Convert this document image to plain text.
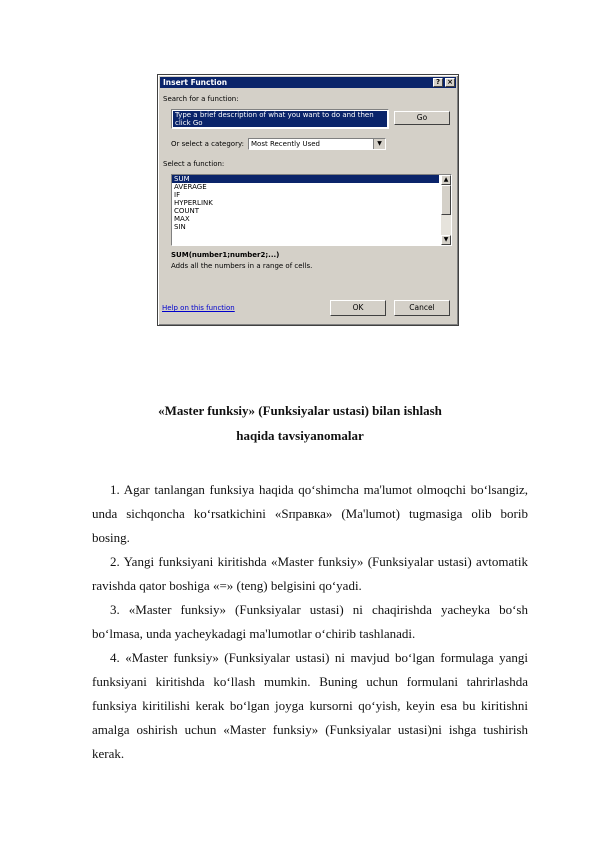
Insert Function	?	×
Search for a function:
Type a brief description of what you want to do and then click Go
Go
Or select a category:	Most Recently Used	▼
Select a function:
SUM
AVERAGE
IF
HYPERLINK
COUNT
MAX
SIN
▲
▼
SUM(number1;number2;...)
Adds all the numbers in a range of cells.
Help on this function	OK	Cancel
«Master funksiy» (Funksiyalar ustasi) bilan ishlash
haqida tavsiyanomalar
1. Agar tanlangan funksiya haqida qo‘shimcha ma'lumot olmoqchi bo‘lsangiz, unda sichqoncha ko‘rsatkichini «Sпpавка» (Ma'lumot) tugmasiga olib borib bosing.
2. Yangi funksiyani kiritishda «Master funksiy» (Funksiyalar ustasi) avtomatik ravishda qator boshiga «=» (teng) belgisini qo‘yadi.
3. «Master funksiy» (Funksiyalar ustasi) ni chaqirishda yacheyka bo‘sh bo‘lmasa, unda yacheykadagi ma'lumotlar o‘chirib tashlanadi.
4. «Master funksiy» (Funksiyalar ustasi) ni mavjud bo‘lgan formulaga yangi funksiyani kiritishda ko‘llash mumkin. Buning uchun formulani tahrirlashda funksiya kiritilishi kerak bo‘lgan joyga kursorni qo‘yish, keyin esa bu kiritishni amalga oshirish uchun «Master funksiy» (Funksiyalar ustasi)ni ishga tushirish kerak.
